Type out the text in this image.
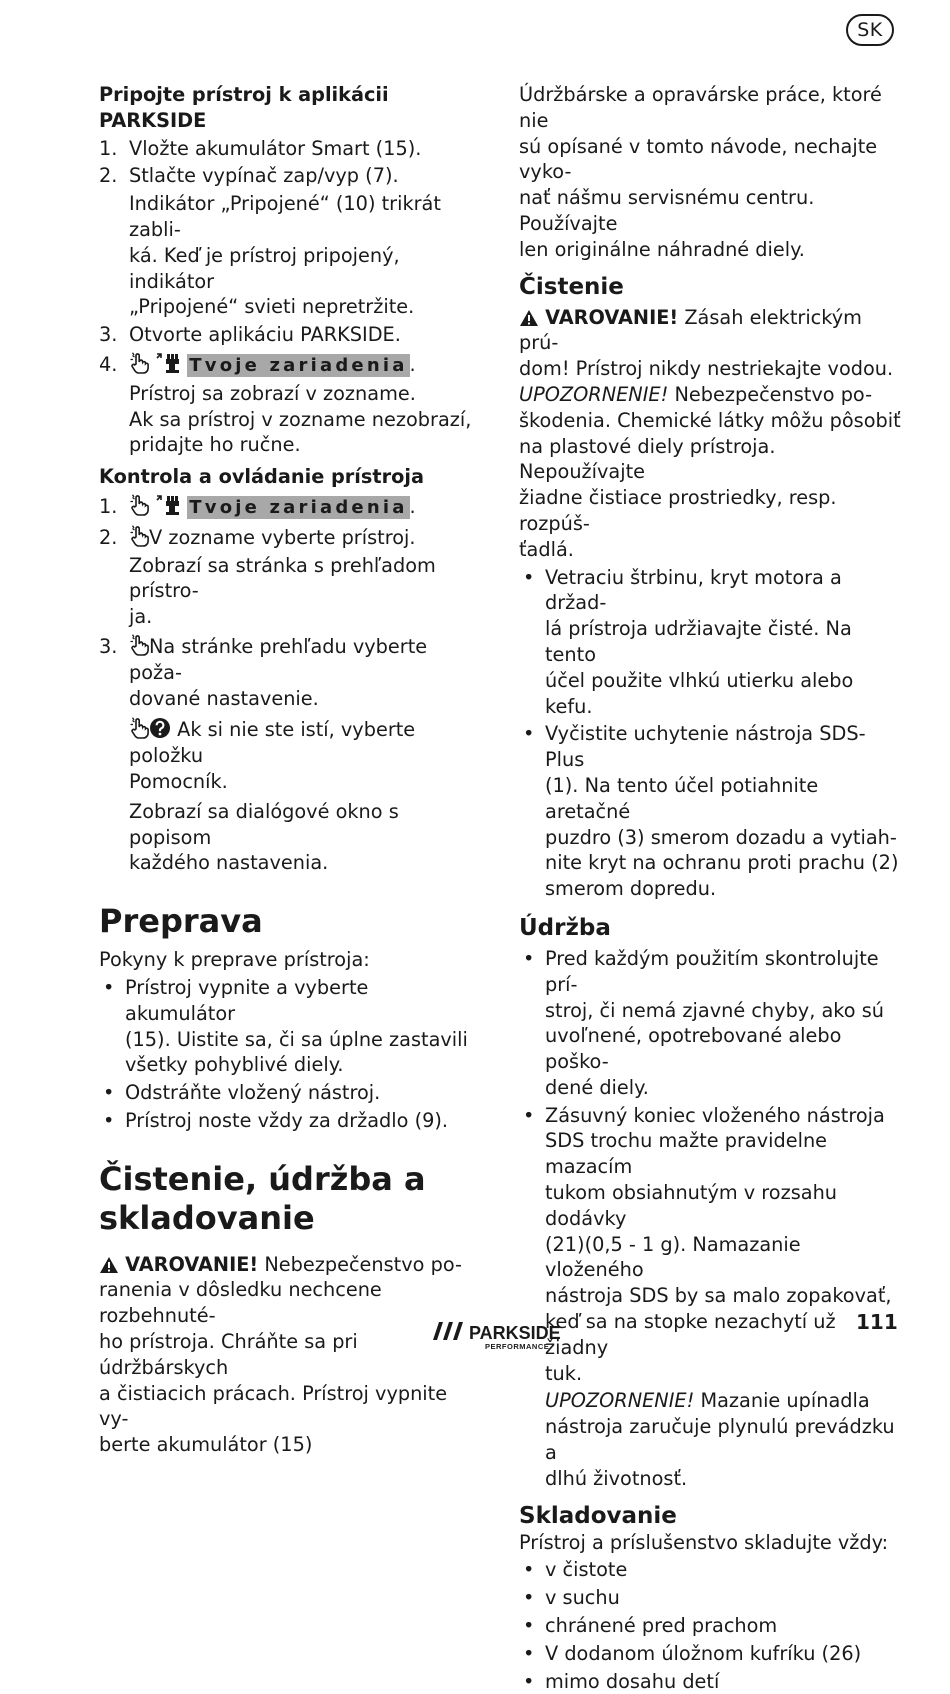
SK

Pripojte prístroj k aplikácii
PARKSIDE

1. Vložte akumulátor Smart (15).
2. Stlačte vypínač zap/vyp (7).
Indikátor „Pripojené“ (10) trikrát zabli-
ká. Keď je prístroj pripojený, indikátor
„Pripojené“ svieti nepretržite.
3. Otvorte aplikáciu PARKSIDE.
4.	Tvoje zariadenia .
Prístroj sa zobrazí v zozname.
Ak sa prístroj v zozname nezobrazí,
pridajte ho ručne.

Kontrola a ovládanie prístroja

1.	Tvoje zariadenia .
2. V zozname vyberte prístroj.
Zobrazí sa stránka s prehľadom prístro-
ja.
3. Na stránke prehľadu vyberte poža-
dované nastavenie.
Ak si nie ste istí, vyberte položku
Pomocník.
Zobrazí sa dialógové okno s popisom
každého nastavenia.
Preprava

Pokyny k preprave prístroja:

• Prístroj vypnite a vyberte akumulátor
(15). Uistite sa, či sa úplne zastavili
všetky pohyblivé diely.
• Odstráňte vložený nástroj.
• Prístroj noste vždy za držadlo (9).
Čistenie, údržba a
skladovanie

VAROVANIE! Nebezpečenstvo po-
ranenia v dôsledku nechcene rozbehnuté-
ho prístroja. Chráňte sa pri údržbárskych
a čistiacich prácach. Prístroj vypnite vy-
berte akumulátor (15)

Údržbárske a opravárske práce, ktoré nie
sú opísané v tomto návode, nechajte vyko-
nať nášmu servisnému centru. Používajte
len originálne náhradné diely.

Čistenie

VAROVANIE! Zásah elektrickým prú-
dom! Prístroj nikdy nestriekajte vodou.

UPOZORNENIE! Nebezpečenstvo po-
škodenia. Chemické látky môžu pôsobiť
na plastové diely prístroja. Nepoužívajte
žiadne čistiace prostriedky, resp. rozpúš-
ťadlá.

• Vetraciu štrbinu, kryt motora a držad-
lá prístroja udržiavajte čisté. Na tento
účel použite vlhkú utierku alebo kefu.
• Vyčistite uchytenie nástroja SDS-Plus
(1). Na tento účel potiahnite aretačné
puzdro (3) smerom dozadu a vytiah-
nite kryt na ochranu proti prachu (2)
smerom dopredu.
Údržba
• Pred každým použitím skontrolujte prí-
stroj, či nemá zjavné chyby, ako sú
uvoľnené, opotrebované alebo poško-
dené diely.
• Zásuvný koniec vloženého nástroja
SDS trochu mažte pravidelne mazacím
tukom obsiahnutým v rozsahu dodávky
(21)(0,5 - 1 g). Namazanie vloženého
nástroja SDS by sa malo zopakovať,
keď sa na stopke nezachytí už žiadny
tuk.

UPOZORNENIE! Mazanie upínadla
nástroja zaručuje plynulú prevádzku a
dlhú životnosť.

Skladovanie

Prístroj a príslušenstvo skladujte vždy:

• v čistote
• v suchu
• chránené pred prachom
• V dodanom úložnom kufríku (26)
• mimo dosahu detí
PARKSIDE
PERFORMANCE
111
